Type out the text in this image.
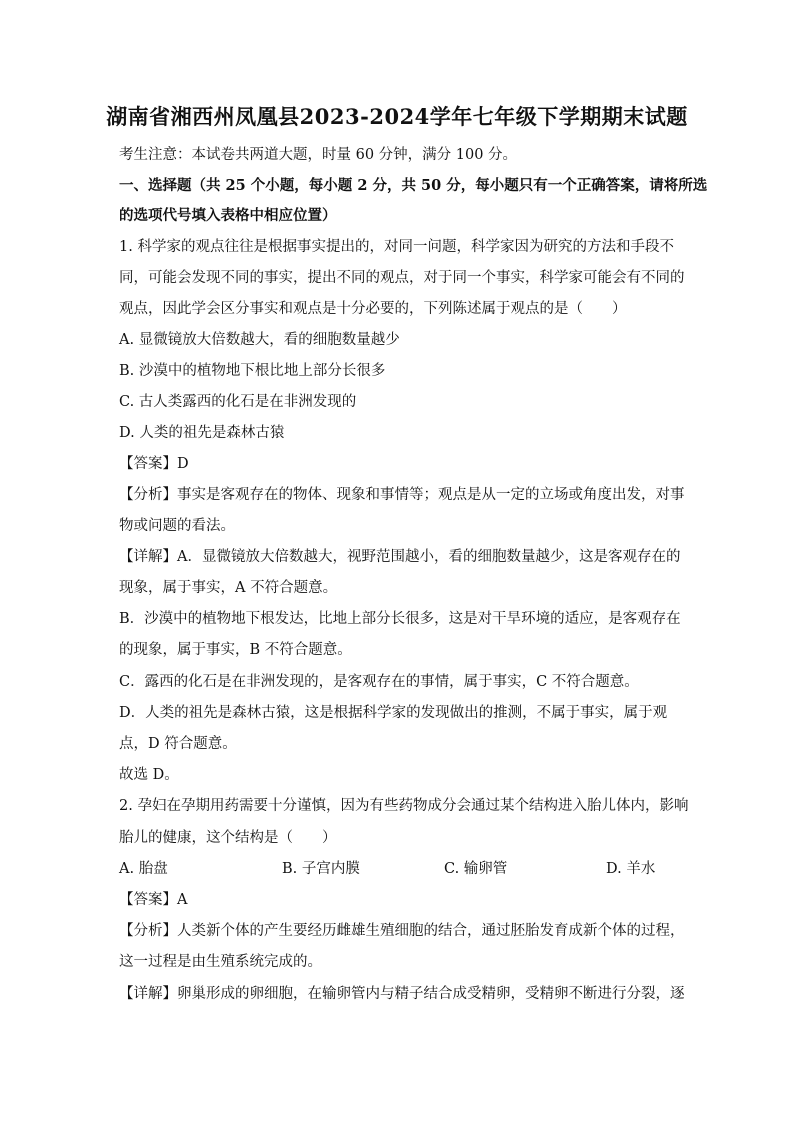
湖南省湘西州凤凰县2023-2024学年七年级下学期期末试题
考生注意：本试卷共两道大题，时量 60 分钟，满分 100 分。
一、选择题（共 25 个小题，每小题 2 分，共 50 分，每小题只有一个正确答案，请将所选
的选项代号填入表格中相应位置）
1. 科学家的观点往往是根据事实提出的，对同一问题，科学家因为研究的方法和手段不
同，可能会发现不同的事实，提出不同的观点，对于同一个事实，科学家可能会有不同的
观点，因此学会区分事实和观点是十分必要的，下列陈述属于观点的是（　　）
A. 显微镜放大倍数越大，看的细胞数量越少
B. 沙漠中的植物地下根比地上部分长很多
C. 古人类露西的化石是在非洲发现的
D. 人类的祖先是森林古猿
【答案】D
【分析】事实是客观存在的物体、现象和事情等；观点是从一定的立场或角度出发，对事
物或问题的看法。
【详解】A．显微镜放大倍数越大，视野范围越小，看的细胞数量越少，这是客观存在的
现象，属于事实，A 不符合题意。
B．沙漠中的植物地下根发达，比地上部分长很多，这是对干旱环境的适应，是客观存在
的现象，属于事实，B 不符合题意。
C．露西的化石是在非洲发现的，是客观存在的事情，属于事实，C 不符合题意。
D．人类的祖先是森林古猿，这是根据科学家的发现做出的推测，不属于事实，属于观
点，D 符合题意。
故选 D。
2. 孕妇在孕期用药需要十分谨慎，因为有些药物成分会通过某个结构进入胎儿体内，影响
胎儿的健康，这个结构是（　　）
A. 胎盘	B. 子宫内膜	C. 输卵管	D. 羊水
【答案】A
【分析】人类新个体的产生要经历雌雄生殖细胞的结合，通过胚胎发育成新个体的过程，
这一过程是由生殖系统完成的。
【详解】卵巢形成的卵细胞，在输卵管内与精子结合成受精卵，受精卵不断进行分裂，逐
